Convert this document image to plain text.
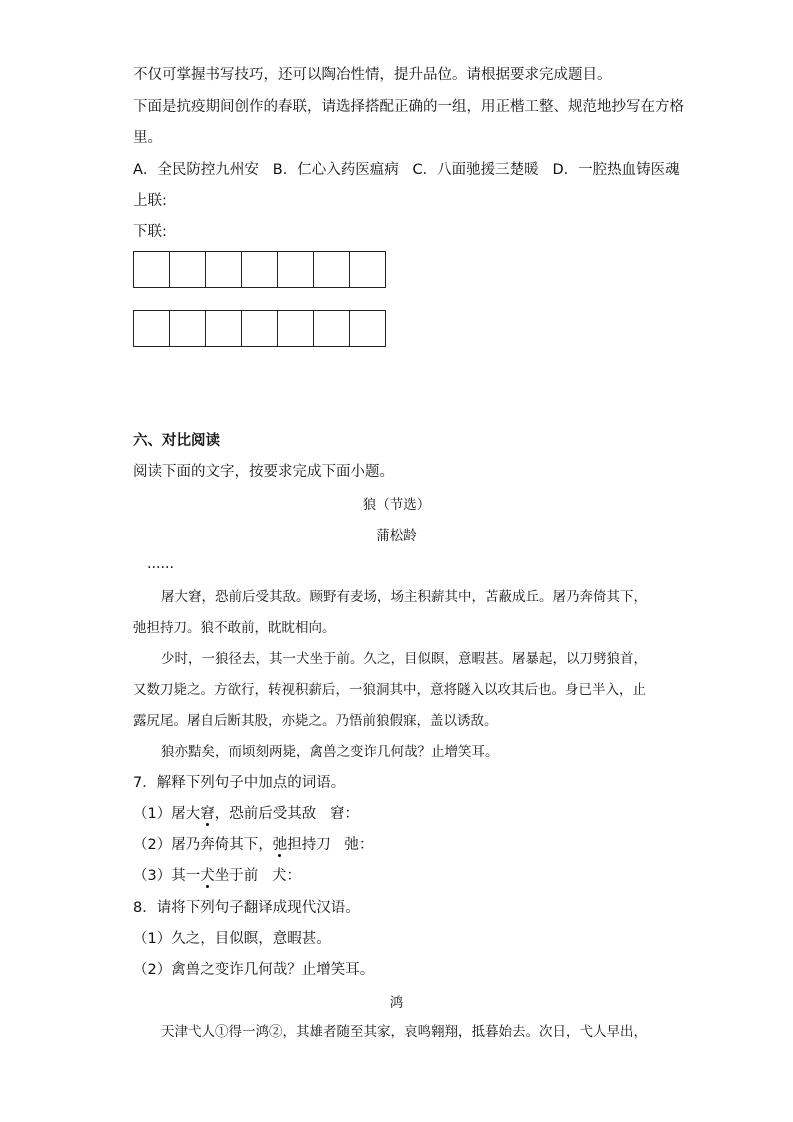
不仅可掌握书写技巧，还可以陶冶性情，提升品位。请根据要求完成题目。
下面是抗疫期间创作的春联，请选择搭配正确的一组，用正楷工整、规范地抄写在方格
里。
A．全民防控九州安   B．仁心入药医瘟病   C．八面驰援三楚暖   D．一腔热血铸医魂
上联:
下联:
六、对比阅读
阅读下面的文字，按要求完成下面小题。
狼（节选）
蒲松龄
……
屠大窘，恐前后受其敌。顾野有麦场，场主积薪其中，苫蔽成丘。屠乃奔倚其下，
弛担持刀。狼不敢前，眈眈相向。
少时，一狼径去，其一犬坐于前。久之，目似瞑，意暇甚。屠暴起，以刀劈狼首，
又数刀毙之。方欲行，转视积薪后，一狼洞其中，意将隧入以攻其后也。身已半入，止
露尻尾。屠自后断其股，亦毙之。乃悟前狼假寐，盖以诱敌。
狼亦黠矣，而顷刻两毙，禽兽之变诈几何哉？止增笑耳。
7．解释下列句子中加点的词语。
（1）屠大窘，恐前后受其敌   窘：
（2）屠乃奔倚其下，弛担持刀   弛：
（3）其一犬坐于前   犬：
8．请将下列句子翻译成现代汉语。
（1）久之，目似瞑，意暇甚。
（2）禽兽之变诈几何哉？止增笑耳。
鸿
天津弋人①得一鸿②，其雄者随至其家，哀鸣翱翔，抵暮始去。次日，弋人早出，
